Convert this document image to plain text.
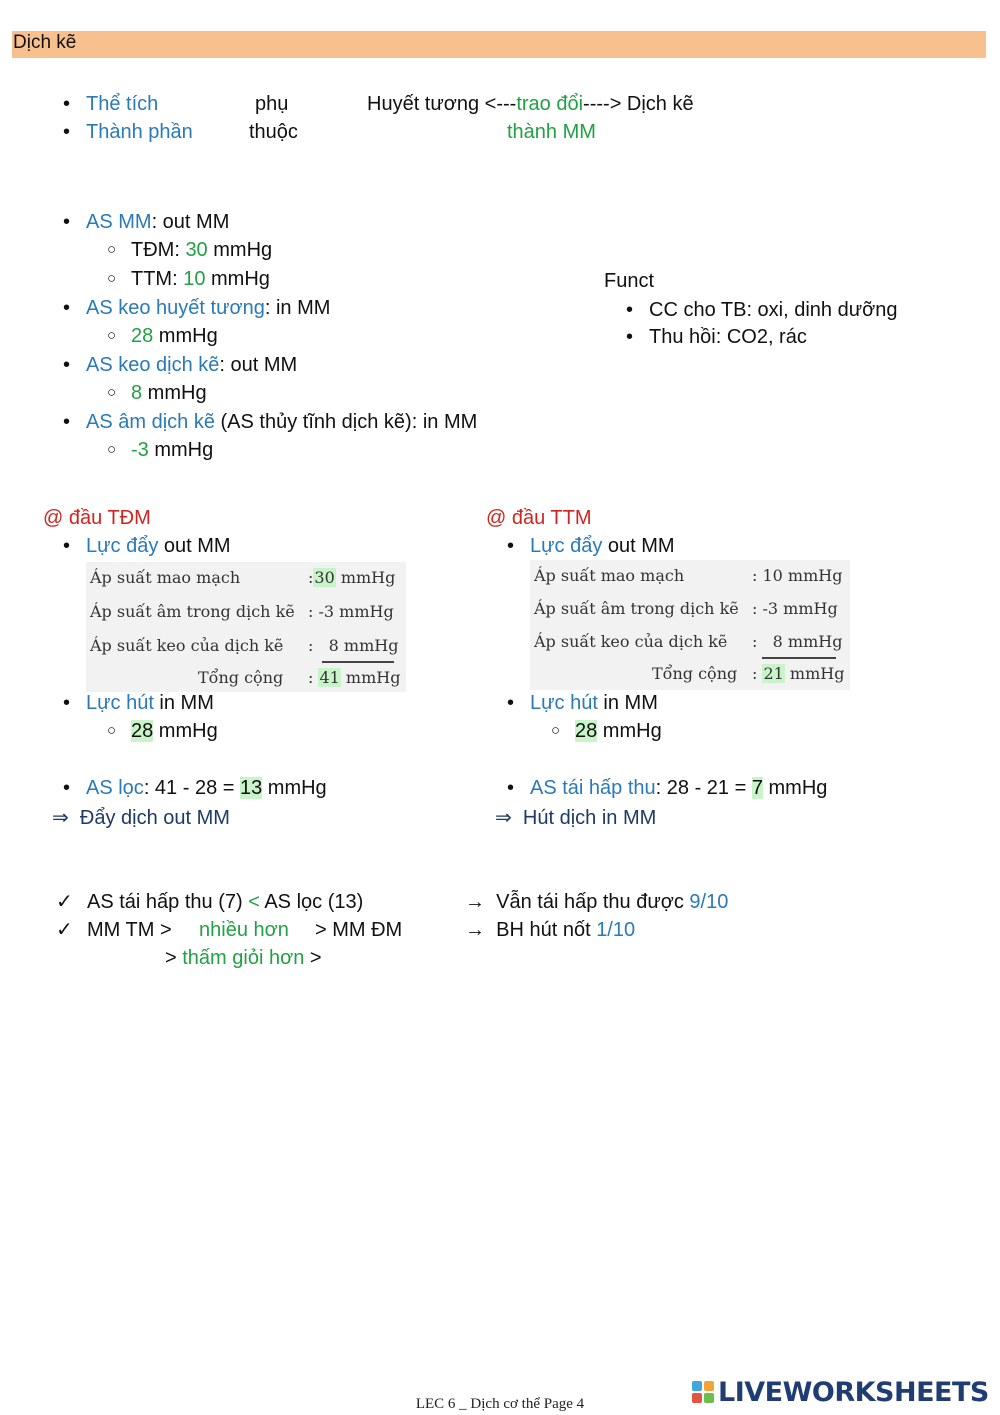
Dịch kẽ
• Thể tích	phụ	Huyết tương <---trao đổi----> Dịch kẽ
• Thành phần	thuộc	thành MM
• AS MM: out MM
○ TĐM: 30 mmHg
○ TTM: 10 mmHg
• AS keo huyết tương: in MM
○ 28 mmHg
• AS keo dịch kẽ: out MM
○ 8 mmHg
• AS âm dịch kẽ (AS thủy tĩnh dịch kẽ): in MM
○ -3 mmHg
Funct
• CC cho TB: oxi, dinh dưỡng
• Thu hồi: CO2, rác
@ đầu TĐM
• Lực đẩy out MM
Áp suất mao mạch	:30 mmHg
Áp suất âm trong dịch kẽ : -3 mmHg
Áp suất keo của dịch kẽ : 8 mmHg
Tổng cộng : 41 mmHg
• Lực hút in MM
○ 28 mmHg
• AS lọc: 41 - 28 = 13 mmHg
⇒ Đẩy dịch out MM
@ đầu TTM
• Lực đẩy out MM
Áp suất mao mạch	: 10 mmHg
Áp suất âm trong dịch kẽ : -3 mmHg
Áp suất keo của dịch kẽ : 8 mmHg
Tổng cộng : 21 mmHg
• Lực hút in MM
○ 28 mmHg
• AS tái hấp thu: 28 - 21 = 7 mmHg
⇒ Hút dịch in MM
✓ AS tái hấp thu (7) < AS lọc (13)
✓ MM TM > nhiều hơn > MM ĐM
> thấm giỏi hơn >
→ Vẫn tái hấp thu được 9/10
→ BH hút nốt 1/10
LEC 6 _ Dịch cơ thể Page 4	LIVEWORKSHEETS
